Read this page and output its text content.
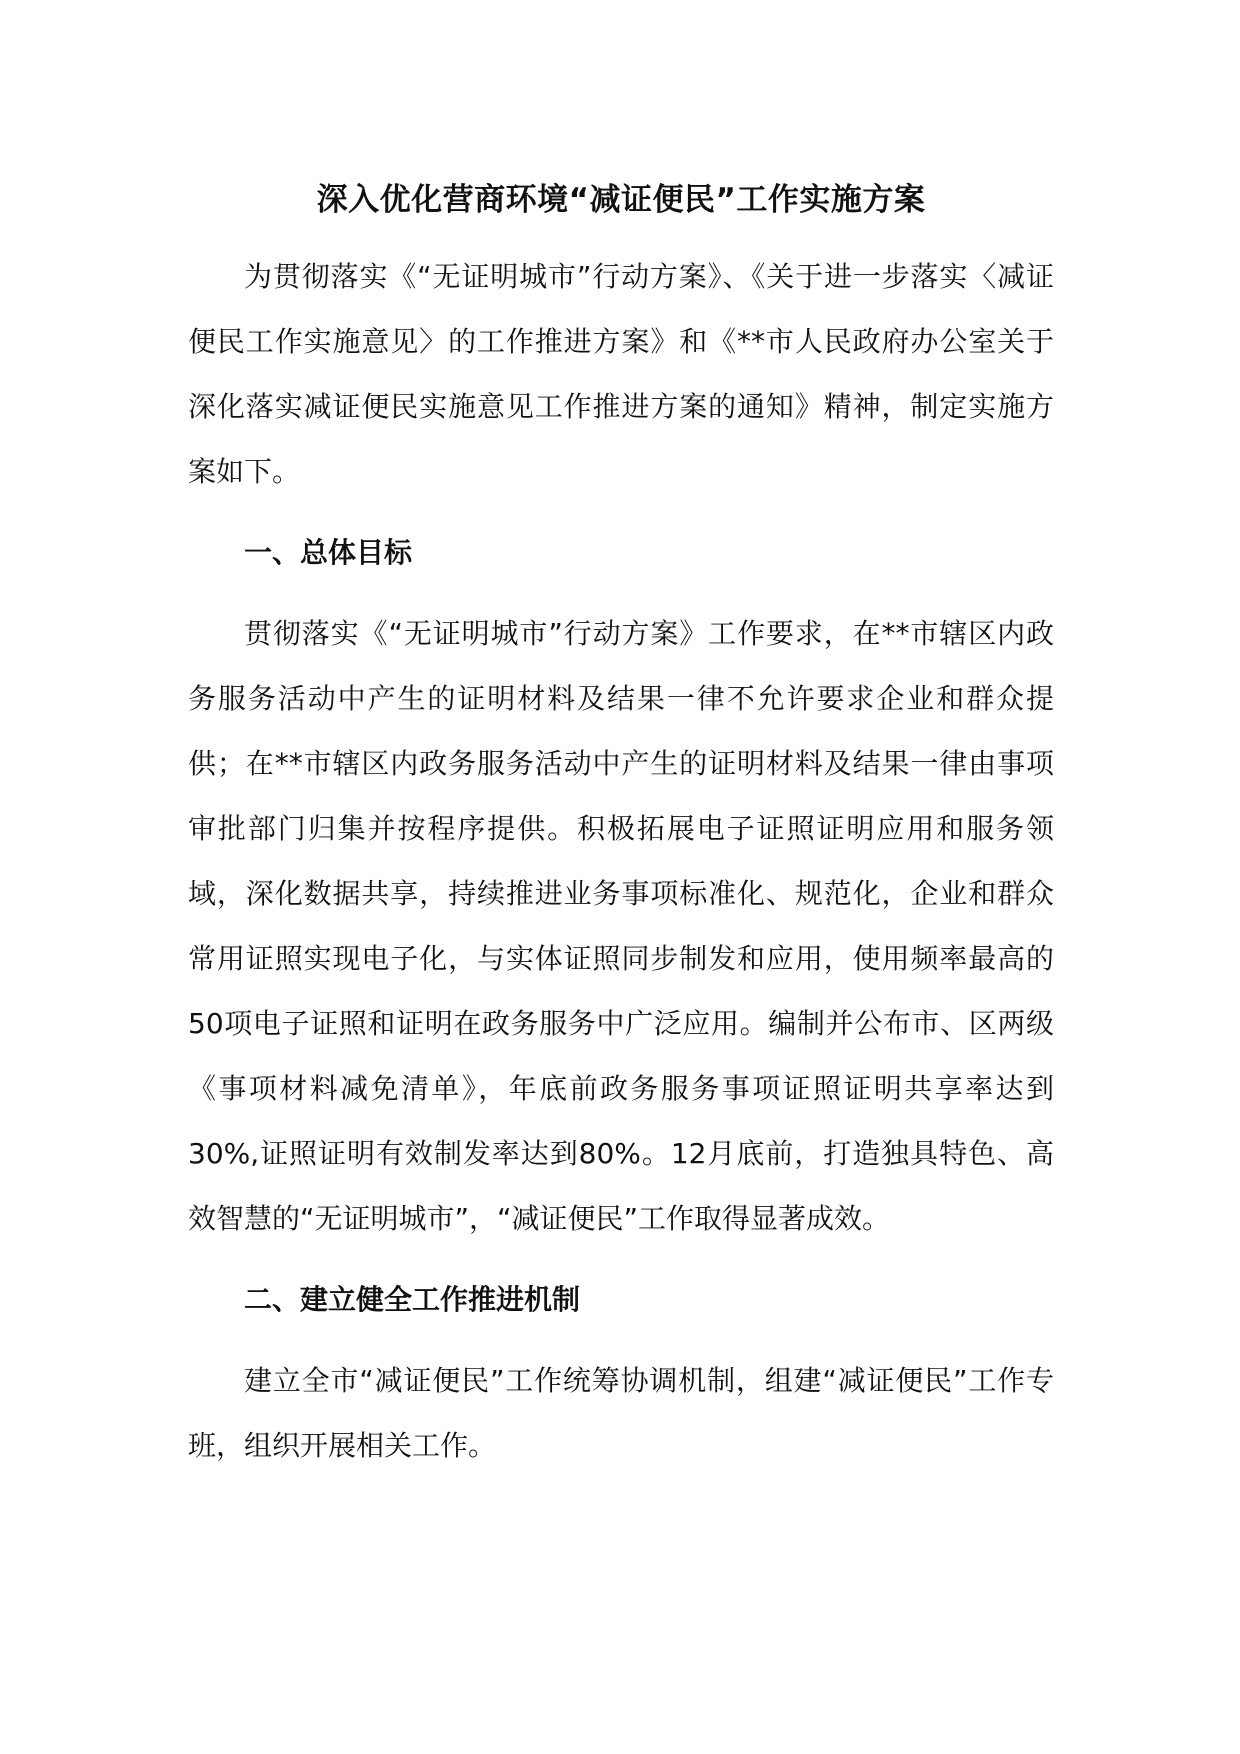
深入优化营商环境“减证便民”工作实施方案

为贯彻落实《“无证明城市”行动方案》、《关于进一步落实〈减证便民工作实施意见〉的工作推进方案》和《**市人民政府办公室关于深化落实减证便民实施意见工作推进方案的通知》精神，制定实施方案如下。

一、总体目标

贯彻落实《“无证明城市”行动方案》工作要求，在**市辖区内政务服务活动中产生的证明材料及结果一律不允许要求企业和群众提供；在**市辖区内政务服务活动中产生的证明材料及结果一律由事项审批部门归集并按程序提供。积极拓展电子证照证明应用和服务领域，深化数据共享，持续推进业务事项标准化、规范化，企业和群众常用证照实现电子化，与实体证照同步制发和应用，使用频率最高的50项电子证照和证明在政务服务中广泛应用。编制并公布市、区两级《事项材料减免清单》，年底前政务服务事项证照证明共享率达到30%,证照证明有效制发率达到80%。12月底前，打造独具特色、高效智慧的“无证明城市”，“减证便民”工作取得显著成效。

二、建立健全工作推进机制

建立全市“减证便民”工作统筹协调机制，组建“减证便民”工作专班，组织开展相关工作。
